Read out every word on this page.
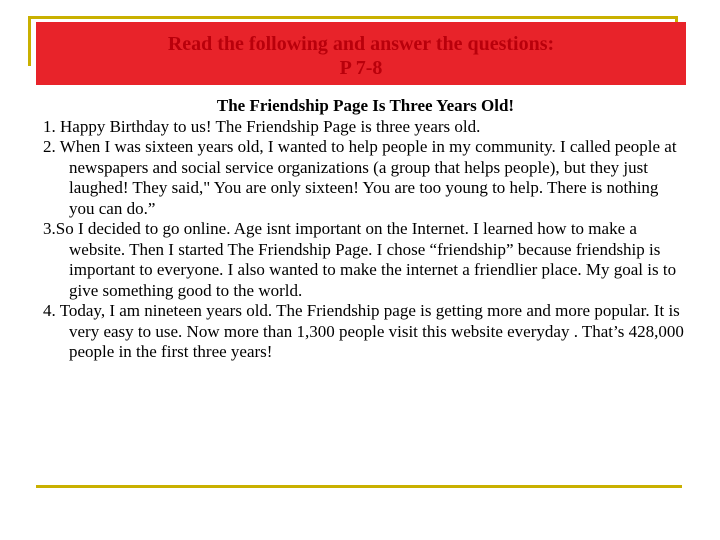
Read the following and answer the questions:
P 7-8

The Friendship Page Is Three Years Old!

1. Happy Birthday to us! The Friendship Page is three years old.

2. When I was sixteen years old, I wanted to help people in my community. I called people at newspapers and social service organizations (a group that helps people), but they just laughed! They said," You are only sixteen! You are too young to help. There is nothing you can do.”

3.So I decided to go online. Age isnt important on the Internet. I learned how to make a website. Then I started The Friendship Page. I chose “friendship” because friendship is important to everyone. I also wanted to make the internet a friendlier place. My goal is to give something good to the world.

4. Today, I am nineteen years old. The Friendship page is getting more and more popular. It is very easy to use. Now more than 1,300 people visit this website everyday . That’s 428,000 people in the first three years!
